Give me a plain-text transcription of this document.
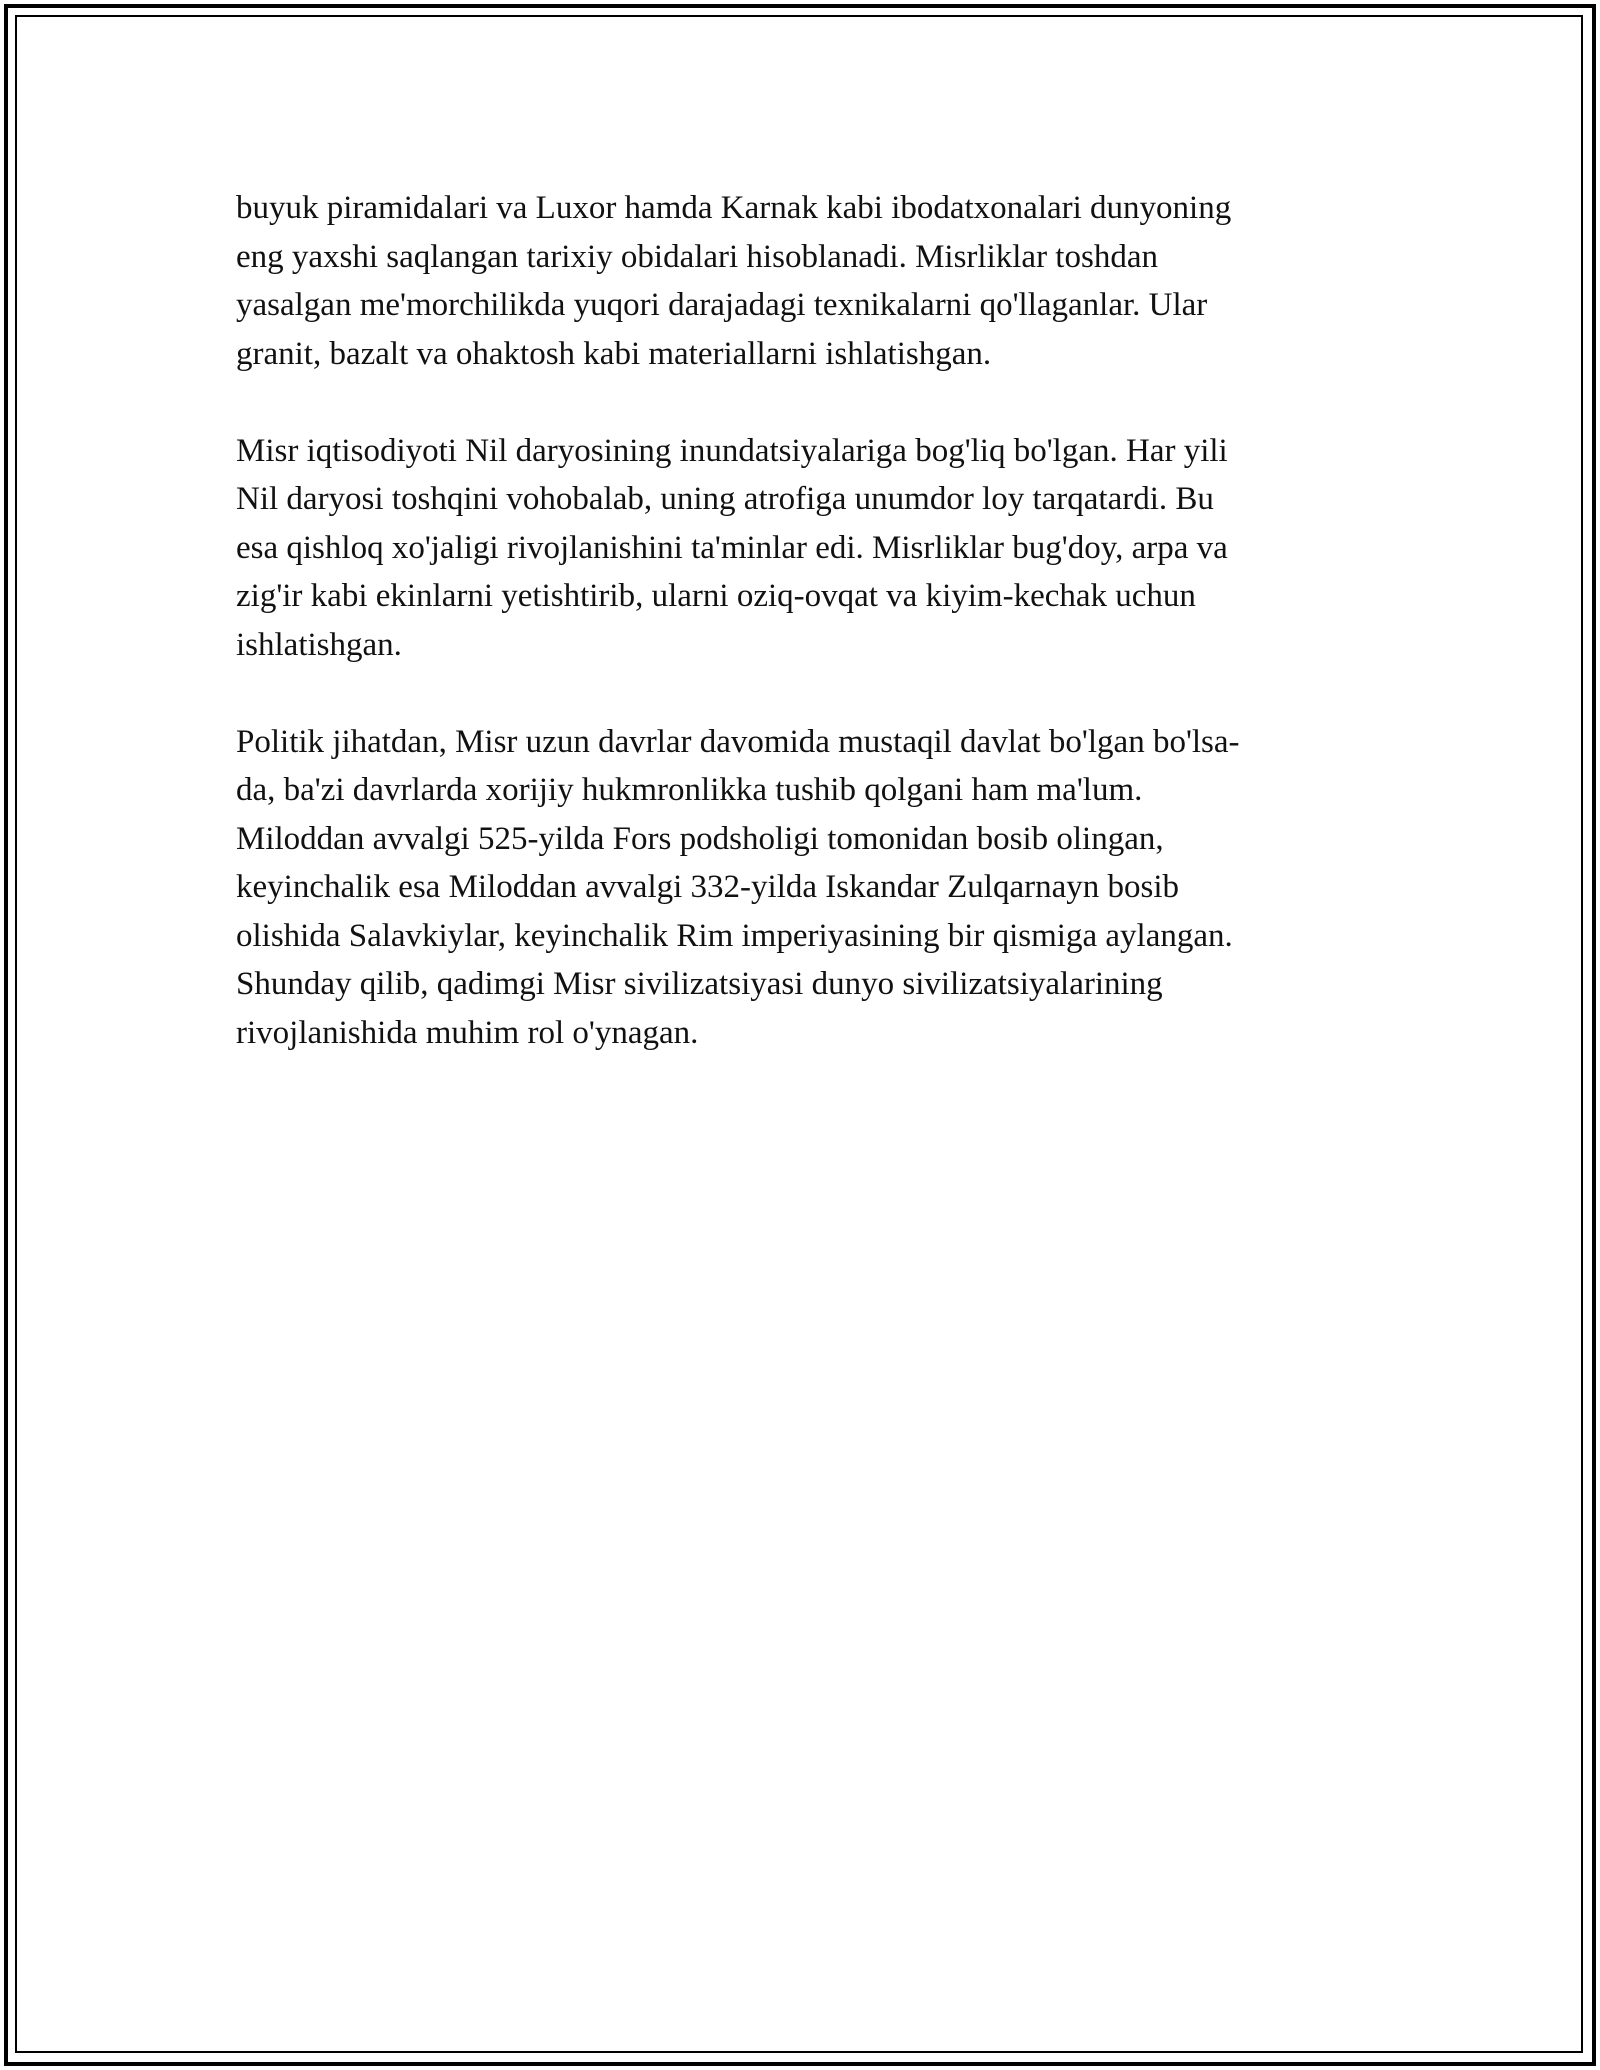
buyuk piramidalari va Luxor hamda Karnak kabi ibodatxonalari dunyoning
eng yaxshi saqlangan tarixiy obidalari hisoblanadi. Misrliklar toshdan
yasalgan me'morchilikda yuqori darajadagi texnikalarni qo'llaganlar. Ular
granit, bazalt va ohaktosh kabi materiallarni ishlatishgan.

Misr iqtisodiyoti Nil daryosining inundatsiyalariga bog'liq bo'lgan. Har yili
Nil daryosi toshqini vohobalab, uning atrofiga unumdor loy tarqatardi. Bu
esa qishloq xo'jaligi rivojlanishini ta'minlar edi. Misrliklar bug'doy, arpa va
zig'ir kabi ekinlarni yetishtirib, ularni oziq-ovqat va kiyim-kechak uchun
ishlatishgan.

Politik jihatdan, Misr uzun davrlar davomida mustaqil davlat bo'lgan bo'lsa-
da, ba'zi davrlarda xorijiy hukmronlikka tushib qolgani ham ma'lum.
Miloddan avvalgi 525-yilda Fors podsholigi tomonidan bosib olingan,
keyinchalik esa Miloddan avvalgi 332-yilda Iskandar Zulqarnayn bosib
olishida Salavkiylar, keyinchalik Rim imperiyasining bir qismiga aylangan.
Shunday qilib, qadimgi Misr sivilizatsiyasi dunyo sivilizatsiyalarining
rivojlanishida muhim rol o'ynagan.
